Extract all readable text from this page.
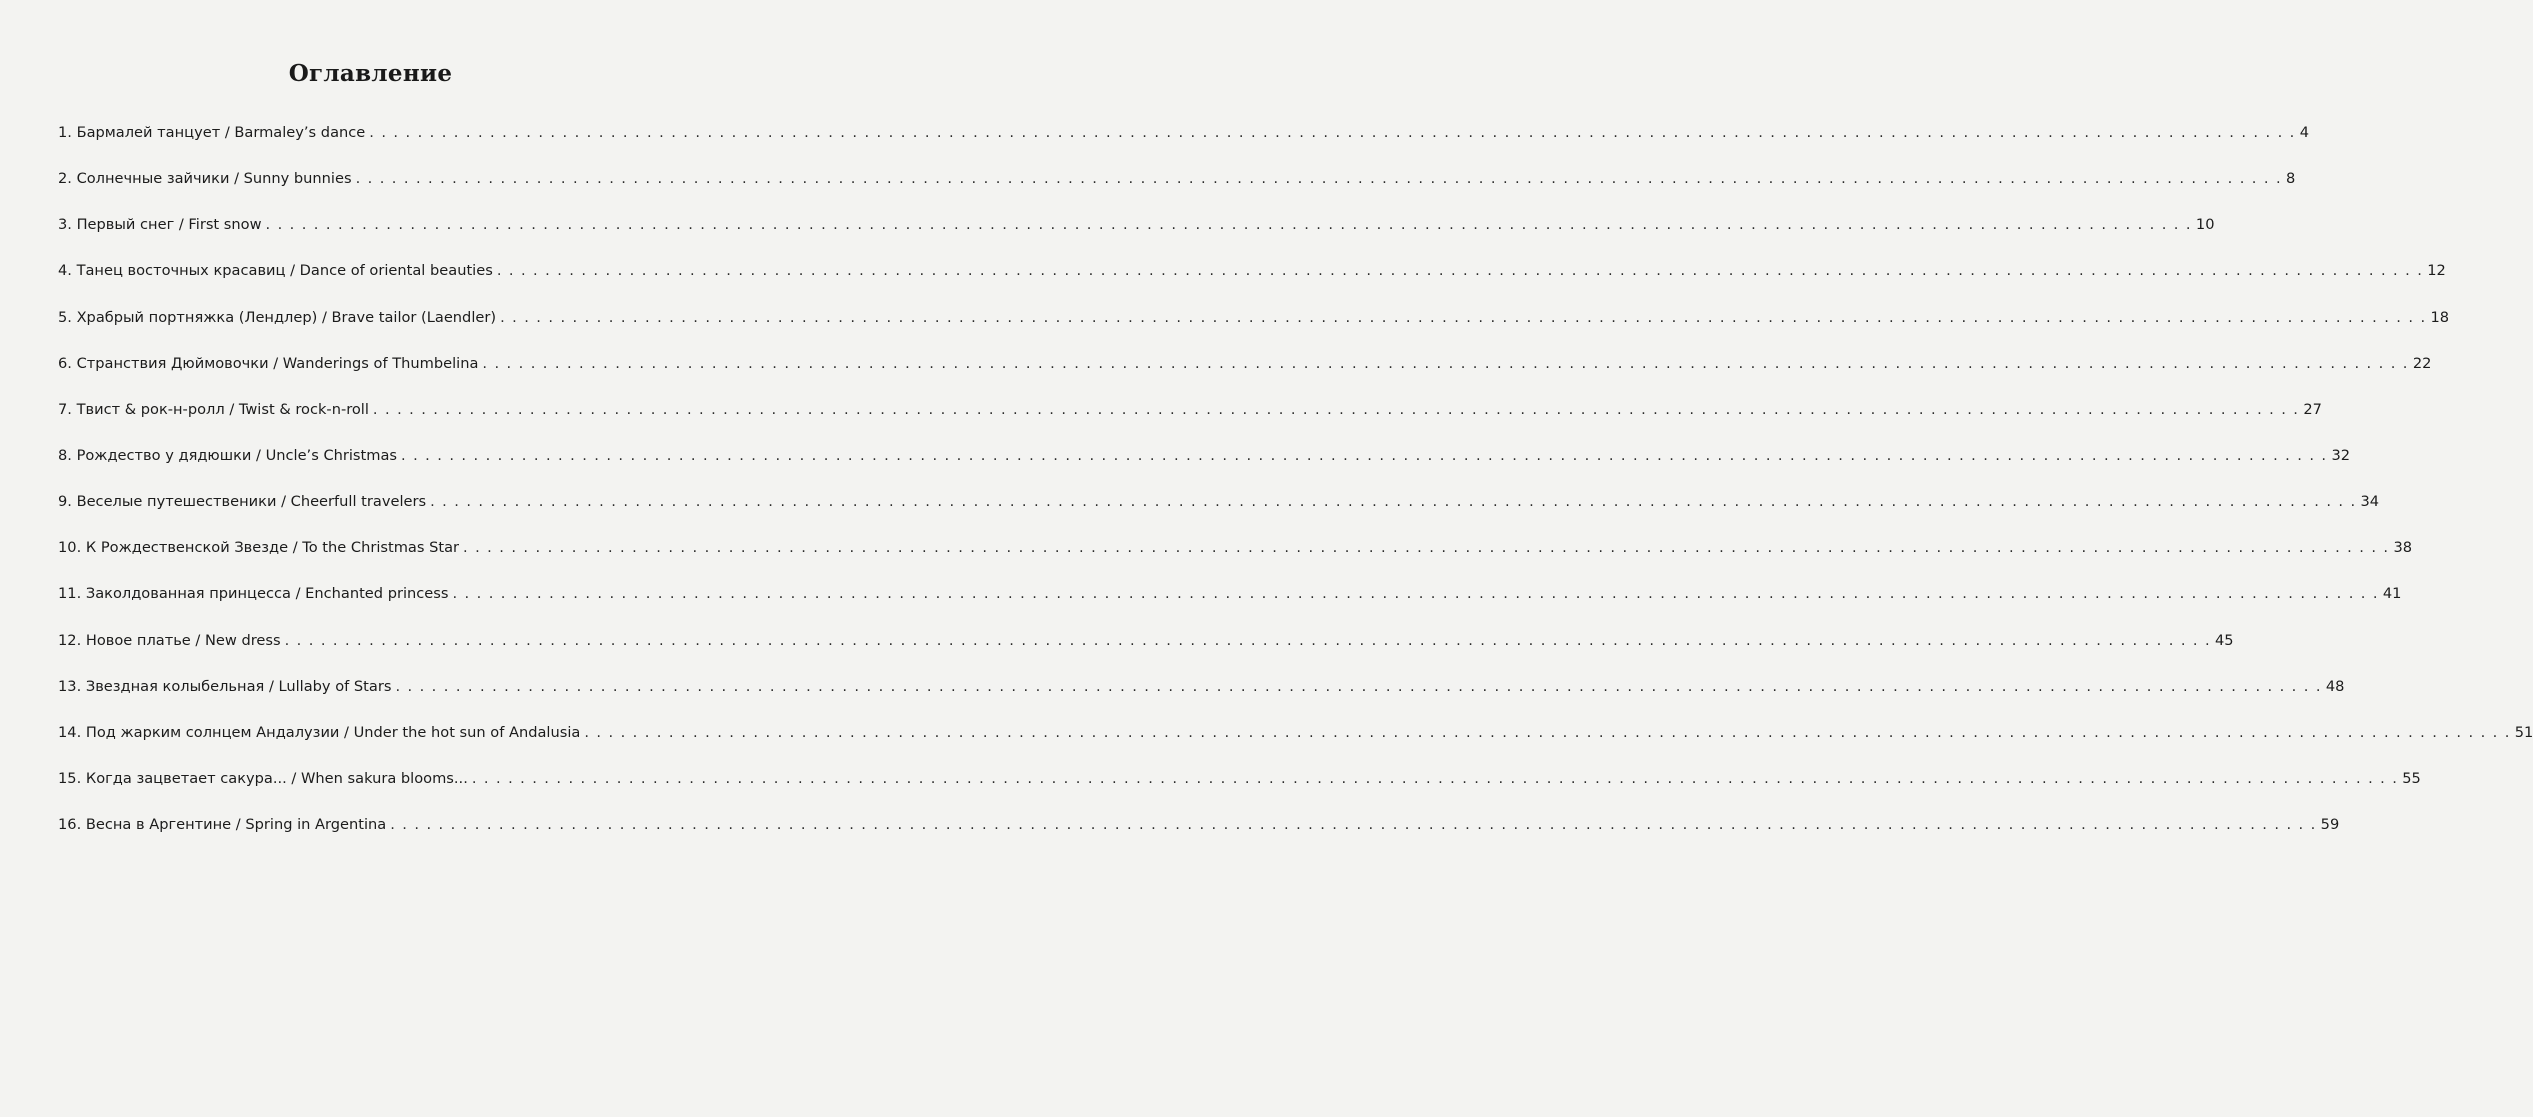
Оглавление
1. Бармалей танцует / Barmaley’s dance . . . . . . . . . . . . . . . . . . . . . . . . . . . . . . . . . . . . . . . . . . . . . . . . . . . . . . . . . . . . . . . . . . . . . . . . . . . . . . . . . . . . . . . . . . . . . . . . . . . . . . . . . . . . . . . . . . . . . . . . . . . . . . . . . . . . . . . . . . . . . . . . . . . . . . . . . . . . . . . . 4
2. Солнечные зайчики / Sunny bunnies . . . . . . . . . . . . . . . . . . . . . . . . . . . . . . . . . . . . . . . . . . . . . . . . . . . . . . . . . . . . . . . . . . . . . . . . . . . . . . . . . . . . . . . . . . . . . . . . . . . . . . . . . . . . . . . . . . . . . . . . . . . . . . . . . . . . . . . . . . . . . . . . . . . . . . . . . . . . . . . . 8
3. Первый снег / First snow . . . . . . . . . . . . . . . . . . . . . . . . . . . . . . . . . . . . . . . . . . . . . . . . . . . . . . . . . . . . . . . . . . . . . . . . . . . . . . . . . . . . . . . . . . . . . . . . . . . . . . . . . . . . . . . . . . . . . . . . . . . . . . . . . . . . . . . . . . . . . . . . . . . . . . . . . . . . . . . . 10
4. Танец восточных красавиц / Dance of oriental beauties . . . . . . . . . . . . . . . . . . . . . . . . . . . . . . . . . . . . . . . . . . . . . . . . . . . . . . . . . . . . . . . . . . . . . . . . . . . . . . . . . . . . . . . . . . . . . . . . . . . . . . . . . . . . . . . . . . . . . . . . . . . . . . . . . . . . . . . . . . . . . . . . . . . . . . . . . . . . . . . . 12
5. Храбрый портняжка (Лендлер) / Brave tailor (Laendler) . . . . . . . . . . . . . . . . . . . . . . . . . . . . . . . . . . . . . . . . . . . . . . . . . . . . . . . . . . . . . . . . . . . . . . . . . . . . . . . . . . . . . . . . . . . . . . . . . . . . . . . . . . . . . . . . . . . . . . . . . . . . . . . . . . . . . . . . . . . . . . . . . . . . . . . . . . . . . . . . 18
6. Странствия Дюймовочки / Wanderings of Thumbelina . . . . . . . . . . . . . . . . . . . . . . . . . . . . . . . . . . . . . . . . . . . . . . . . . . . . . . . . . . . . . . . . . . . . . . . . . . . . . . . . . . . . . . . . . . . . . . . . . . . . . . . . . . . . . . . . . . . . . . . . . . . . . . . . . . . . . . . . . . . . . . . . . . . . . . . . . . . . . . . . 22
7. Твист & рок-н-ролл / Twist & rock-n-roll . . . . . . . . . . . . . . . . . . . . . . . . . . . . . . . . . . . . . . . . . . . . . . . . . . . . . . . . . . . . . . . . . . . . . . . . . . . . . . . . . . . . . . . . . . . . . . . . . . . . . . . . . . . . . . . . . . . . . . . . . . . . . . . . . . . . . . . . . . . . . . . . . . . . . . . . . . . . . . . . 27
8. Рождество у дядюшки / Uncle’s Christmas . . . . . . . . . . . . . . . . . . . . . . . . . . . . . . . . . . . . . . . . . . . . . . . . . . . . . . . . . . . . . . . . . . . . . . . . . . . . . . . . . . . . . . . . . . . . . . . . . . . . . . . . . . . . . . . . . . . . . . . . . . . . . . . . . . . . . . . . . . . . . . . . . . . . . . . . . . . . . . . . 32
9. Веселые путешественики / Cheerfull travelers . . . . . . . . . . . . . . . . . . . . . . . . . . . . . . . . . . . . . . . . . . . . . . . . . . . . . . . . . . . . . . . . . . . . . . . . . . . . . . . . . . . . . . . . . . . . . . . . . . . . . . . . . . . . . . . . . . . . . . . . . . . . . . . . . . . . . . . . . . . . . . . . . . . . . . . . . . . . . . . . 34
10. К Рождественской Звезде / To the Christmas Star . . . . . . . . . . . . . . . . . . . . . . . . . . . . . . . . . . . . . . . . . . . . . . . . . . . . . . . . . . . . . . . . . . . . . . . . . . . . . . . . . . . . . . . . . . . . . . . . . . . . . . . . . . . . . . . . . . . . . . . . . . . . . . . . . . . . . . . . . . . . . . . . . . . . . . . . . . . . . . . . 38
11. Заколдованная принцесса / Enchanted princess . . . . . . . . . . . . . . . . . . . . . . . . . . . . . . . . . . . . . . . . . . . . . . . . . . . . . . . . . . . . . . . . . . . . . . . . . . . . . . . . . . . . . . . . . . . . . . . . . . . . . . . . . . . . . . . . . . . . . . . . . . . . . . . . . . . . . . . . . . . . . . . . . . . . . . . . . . . . . . . . 41
12. Новое платье / New dress . . . . . . . . . . . . . . . . . . . . . . . . . . . . . . . . . . . . . . . . . . . . . . . . . . . . . . . . . . . . . . . . . . . . . . . . . . . . . . . . . . . . . . . . . . . . . . . . . . . . . . . . . . . . . . . . . . . . . . . . . . . . . . . . . . . . . . . . . . . . . . . . . . . . . . . . . . . . . . . . 45
13. Звездная колыбельная / Lullaby of Stars . . . . . . . . . . . . . . . . . . . . . . . . . . . . . . . . . . . . . . . . . . . . . . . . . . . . . . . . . . . . . . . . . . . . . . . . . . . . . . . . . . . . . . . . . . . . . . . . . . . . . . . . . . . . . . . . . . . . . . . . . . . . . . . . . . . . . . . . . . . . . . . . . . . . . . . . . . . . . . . . 48
14. Под жарким солнцем Андалузии / Under the hot sun of Andalusia . . . . . . . . . . . . . . . . . . . . . . . . . . . . . . . . . . . . . . . . . . . . . . . . . . . . . . . . . . . . . . . . . . . . . . . . . . . . . . . . . . . . . . . . . . . . . . . . . . . . . . . . . . . . . . . . . . . . . . . . . . . . . . . . . . . . . . . . . . . . . . . . . . . . . . . . . . . . . . . . 51
15. Когда зацветает сакура... / When sakura blooms... . . . . . . . . . . . . . . . . . . . . . . . . . . . . . . . . . . . . . . . . . . . . . . . . . . . . . . . . . . . . . . . . . . . . . . . . . . . . . . . . . . . . . . . . . . . . . . . . . . . . . . . . . . . . . . . . . . . . . . . . . . . . . . . . . . . . . . . . . . . . . . . . . . . . . . . . . . . . . . . . 55
16. Весна в Аргентине / Spring in Argentina . . . . . . . . . . . . . . . . . . . . . . . . . . . . . . . . . . . . . . . . . . . . . . . . . . . . . . . . . . . . . . . . . . . . . . . . . . . . . . . . . . . . . . . . . . . . . . . . . . . . . . . . . . . . . . . . . . . . . . . . . . . . . . . . . . . . . . . . . . . . . . . . . . . . . . . . . . . . . . . . 59
